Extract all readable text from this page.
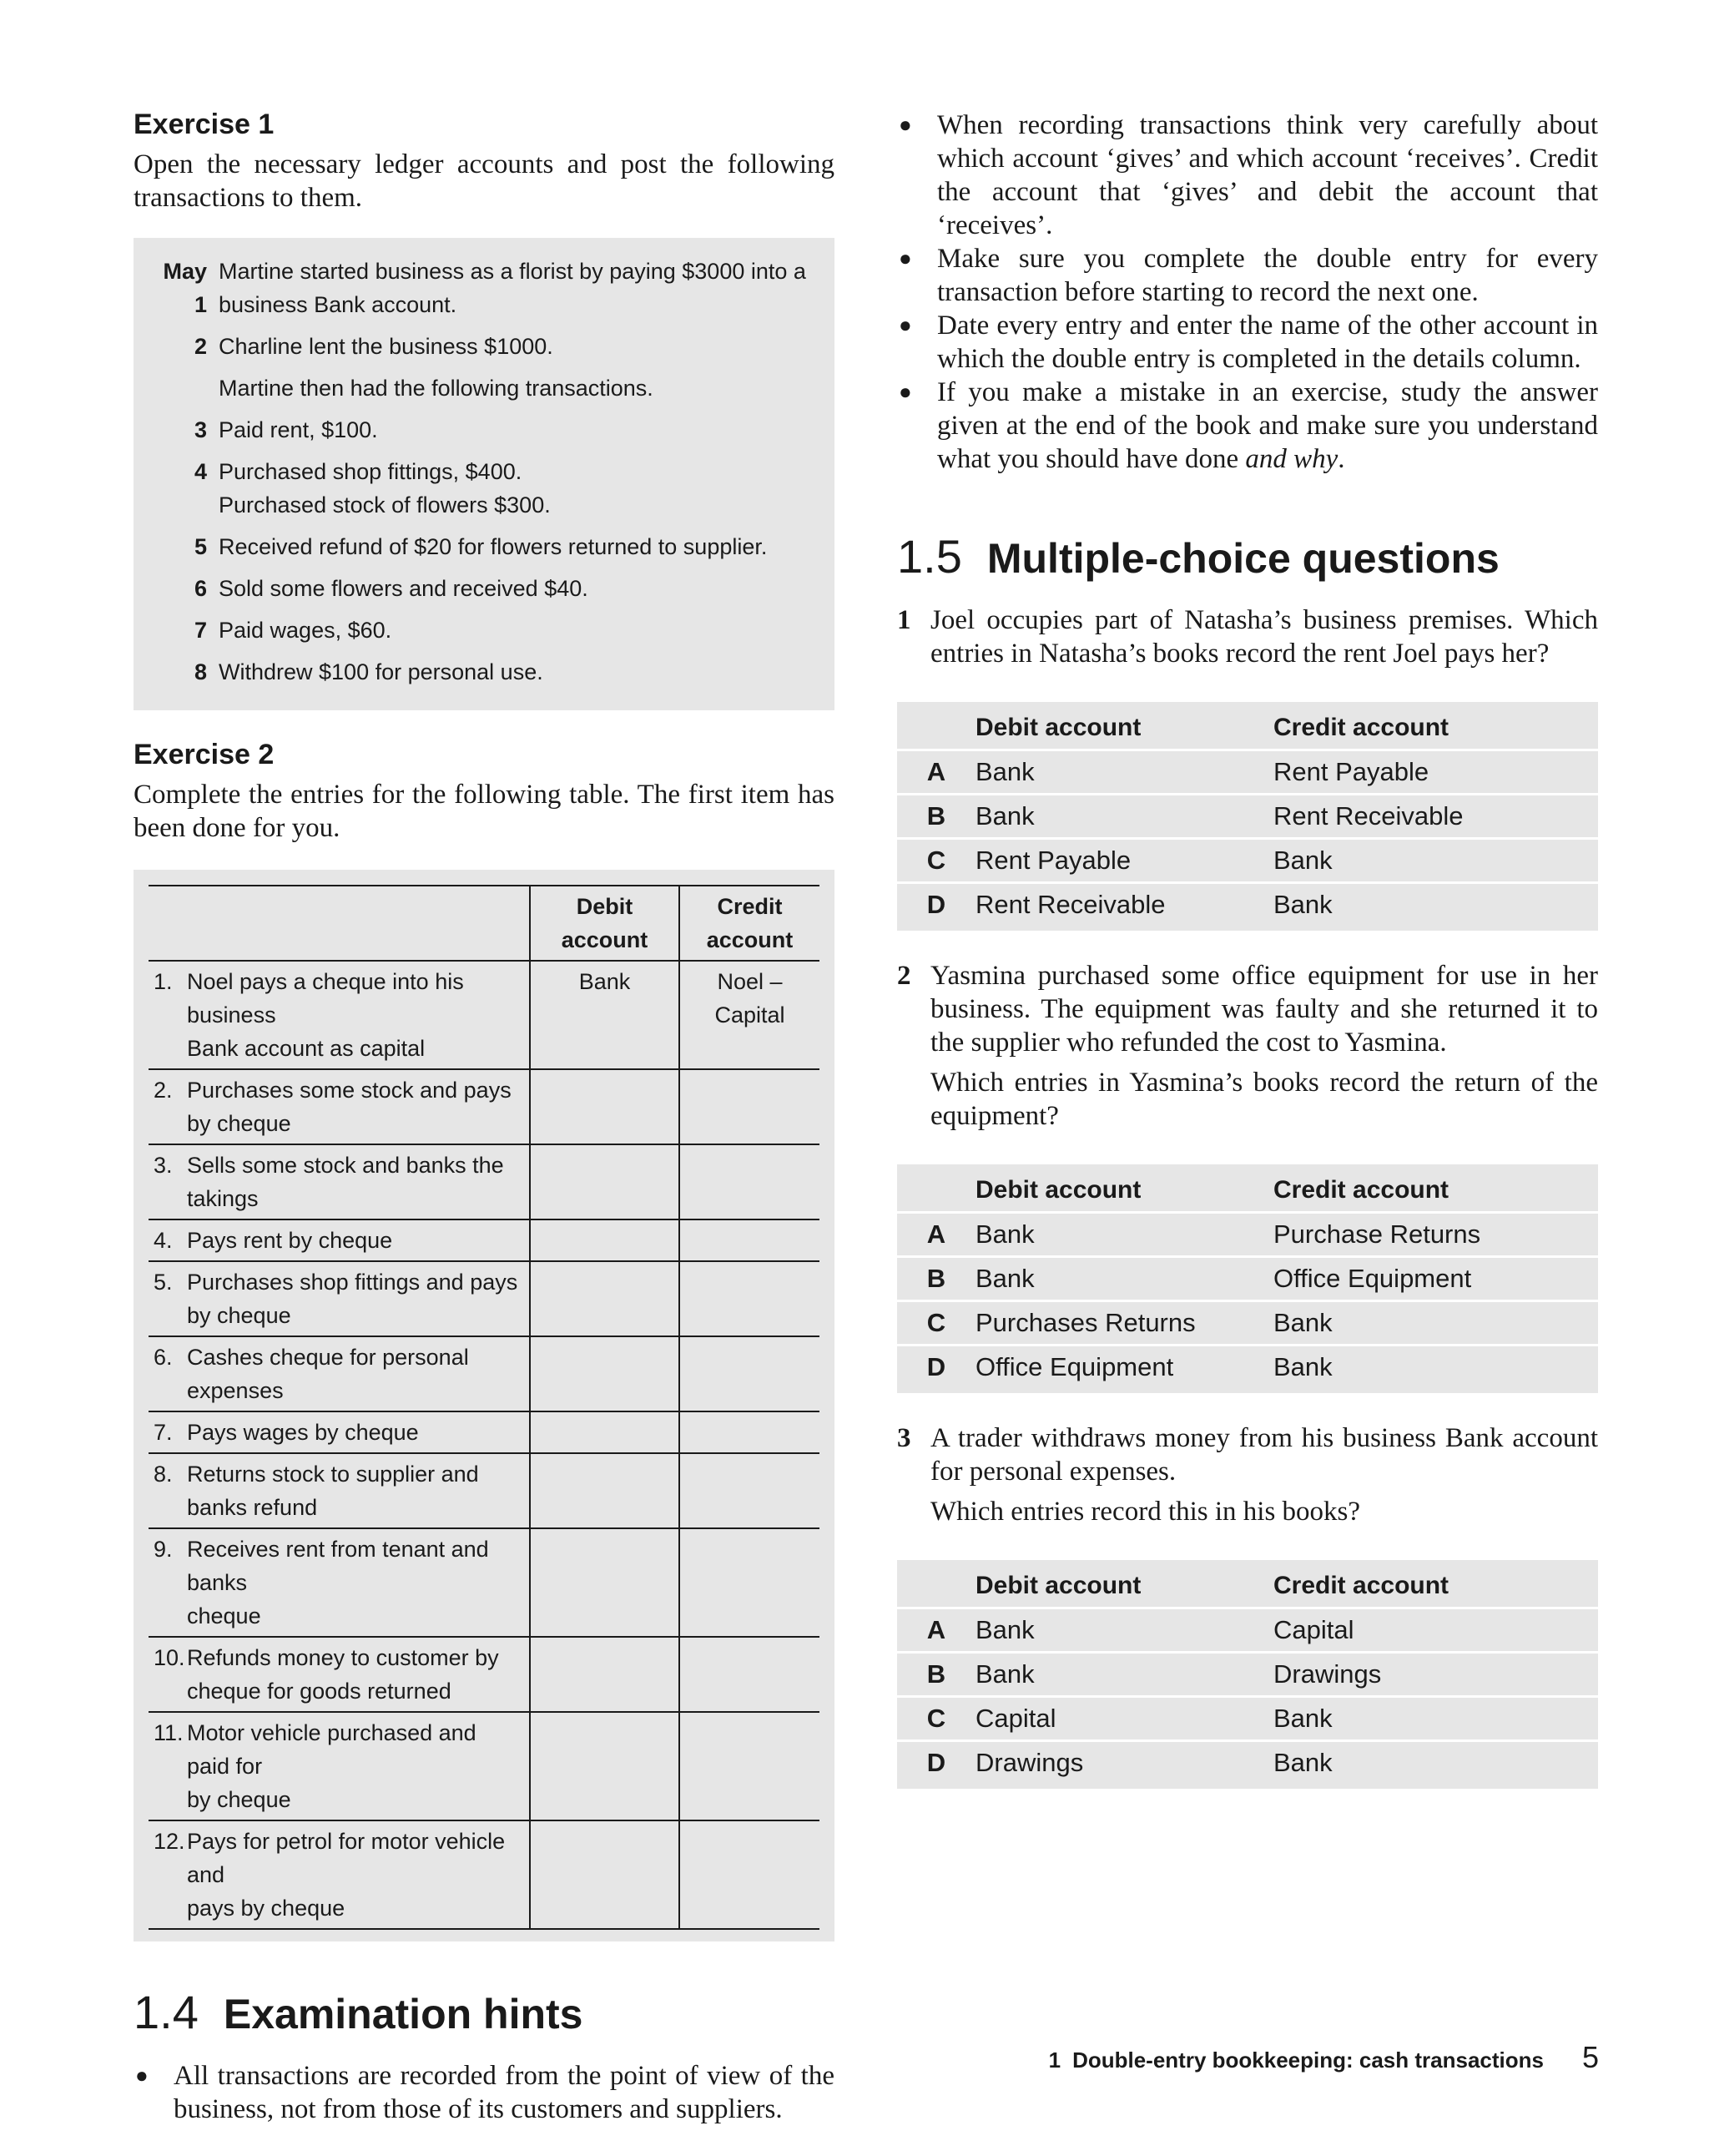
Exercise 1

Open the necessary ledger accounts and post the following transactions to them.

May 1
Martine started business as a florist by paying $3000 into a
business Bank account.
2 Charline lent the business $1000.
Martine then had the following transactions.
3 Paid rent, $100.
4 Purchased shop fittings, $400.
Purchased stock of flowers $300.
5 Received refund of $20 for flowers returned to supplier.
6 Sold some flowers and received $40.
7 Paid wages, $60.
8 Withdrew $100 for personal use.
Exercise 2

Complete the entries for the following table. The first item has been done for you.

	Debit
account	Credit
account

1. Noel pays a cheque into his business
Bank account as capital	Bank	Noel – Capital

2. Purchases some stock and pays
by cheque		

3. Sells some stock and banks the
takings		

4. Pays rent by cheque		

5. Purchases shop fittings and pays
by cheque		

6. Cashes cheque for personal expenses		

7. Pays wages by cheque		

8. Returns stock to supplier and
banks refund		

9. Receives rent from tenant and banks
cheque		

10. Refunds money to customer by
cheque for goods returned		

11. Motor vehicle purchased and paid for
by cheque		

12. Pays for petrol for motor vehicle and
pays by cheque		

1.4 Examination hints
● All transactions are recorded from the point of view of the business, not from those of its customers and suppliers.
● When recording transactions think very carefully about which account ‘gives’ and which account ‘receives’. Credit the account that ‘gives’ and debit the account that ‘receives’.
● Make sure you complete the double entry for every transaction before starting to record the next one.
● Date every entry and enter the name of the other account in which the double entry is completed in the details column.
● If you make a mistake in an exercise, study the answer given at the end of the book and make sure you understand what you should have done and why.
1.5 Multiple-choice questions
1 Joel occupies part of Natasha’s business premises. Which entries in Natasha’s books record the rent Joel pays her?

Debit account	Credit account
A	Bank	Rent Payable
B	Bank	Rent Receivable
C	Rent Payable	Bank
D	Rent Receivable	Bank
2 Yasmina purchased some office equipment for use in her business. The equipment was faulty and she returned it to the supplier who refunded the cost to Yasmina.

Which entries in Yasmina’s books record the return of the equipment?

Debit account	Credit account
A	Bank	Purchase Returns
B	Bank	Office Equipment
C	Purchases Returns	Bank
D	Office Equipment	Bank
3 A trader withdraws money from his business Bank account for personal expenses.

Which entries record this in his books?

Debit account	Credit account
A	Bank	Capital
B	Bank	Drawings
C	Capital	Bank
D	Drawings	Bank
1 Double-entry bookkeeping: cash transactions 5
